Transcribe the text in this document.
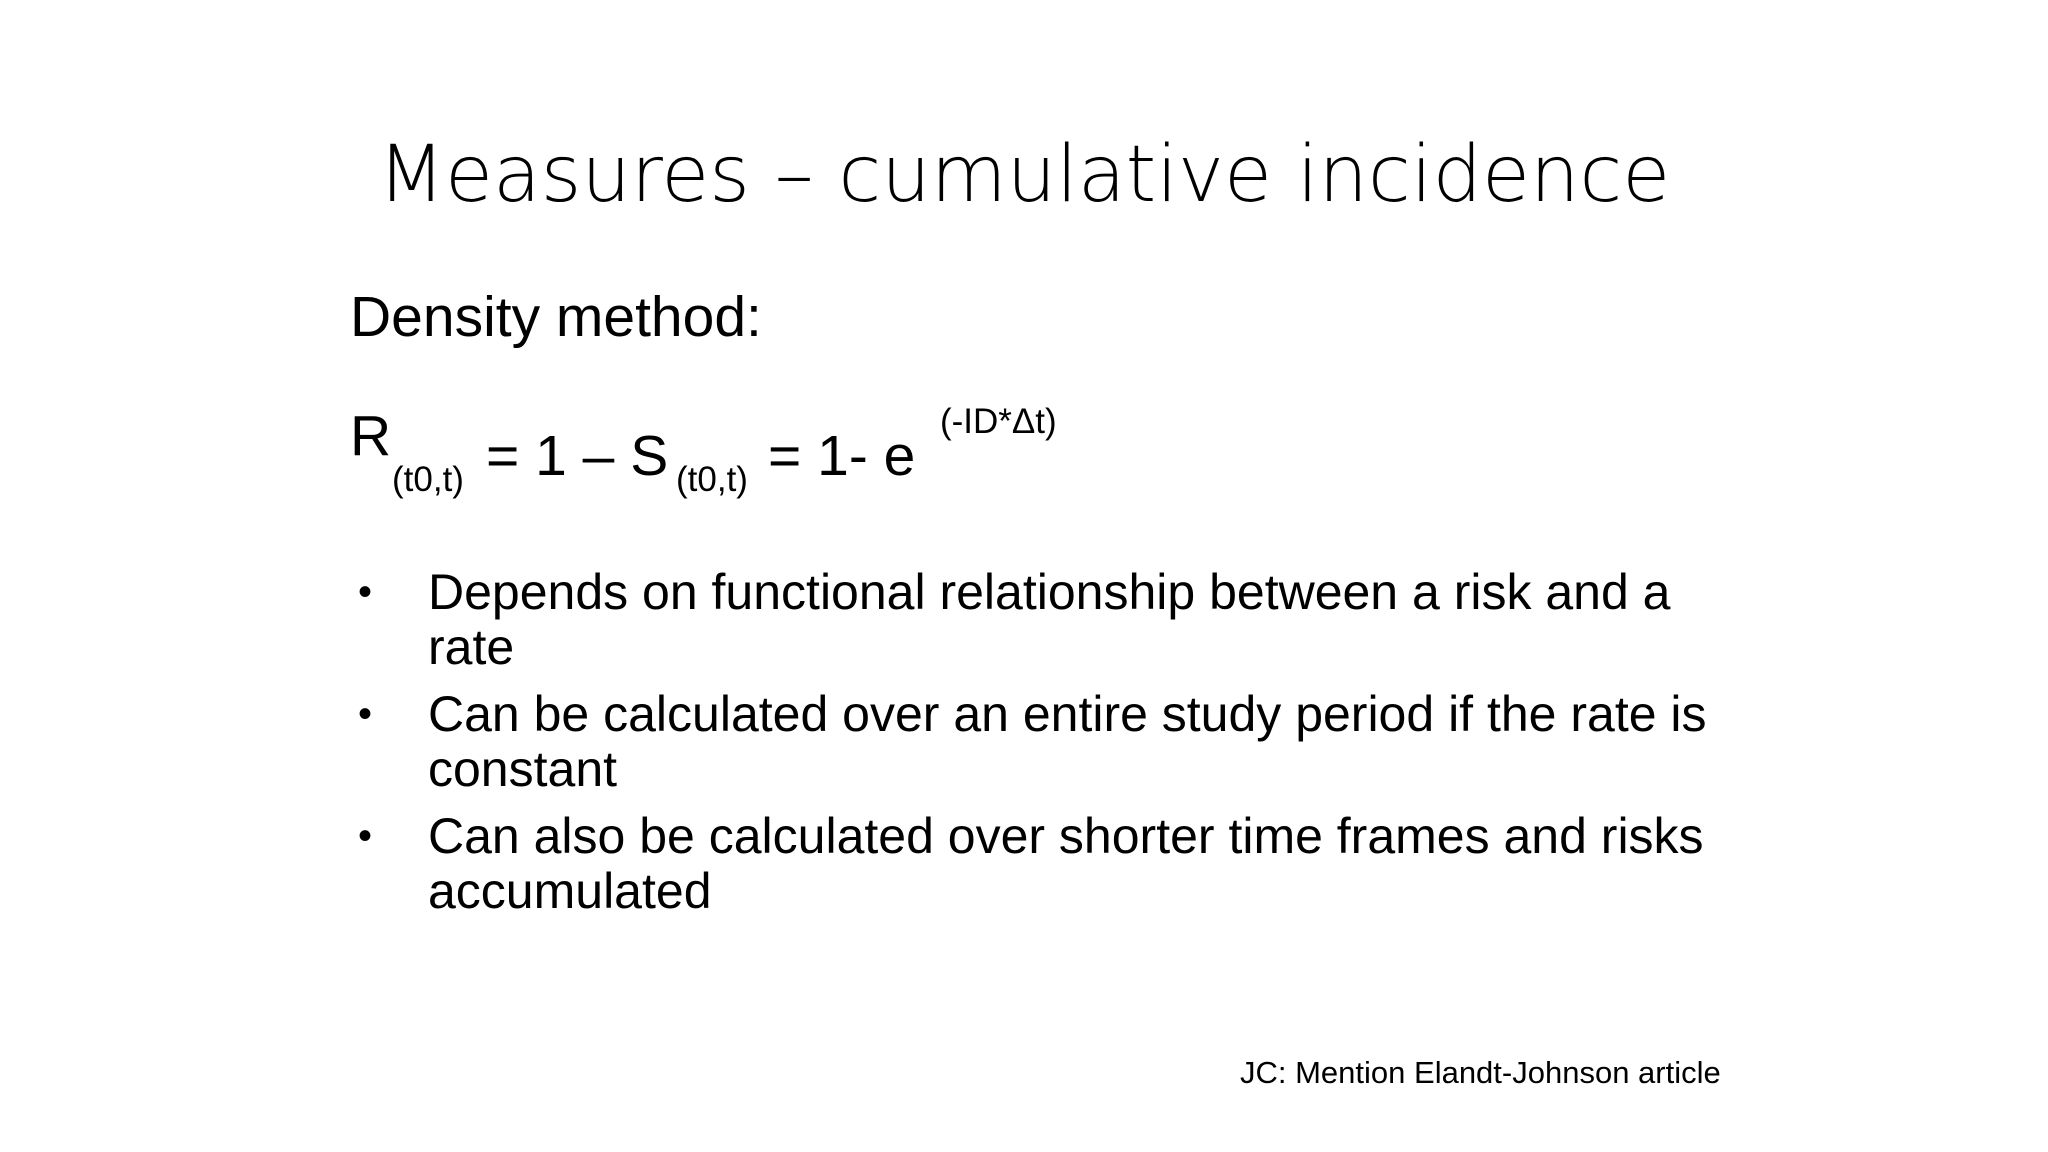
Measures – cumulative incidence
Density method:
R
(t0,t) = 1 – S (t0,t) = 1- e
(-ID*Δt)
•	Depends on functional relationship between a risk and a rate
•	Can be calculated over an entire study period if the rate is constant
•	Can also be calculated over shorter time frames and risks accumulated
JC: Mention Elandt-Johnson article
